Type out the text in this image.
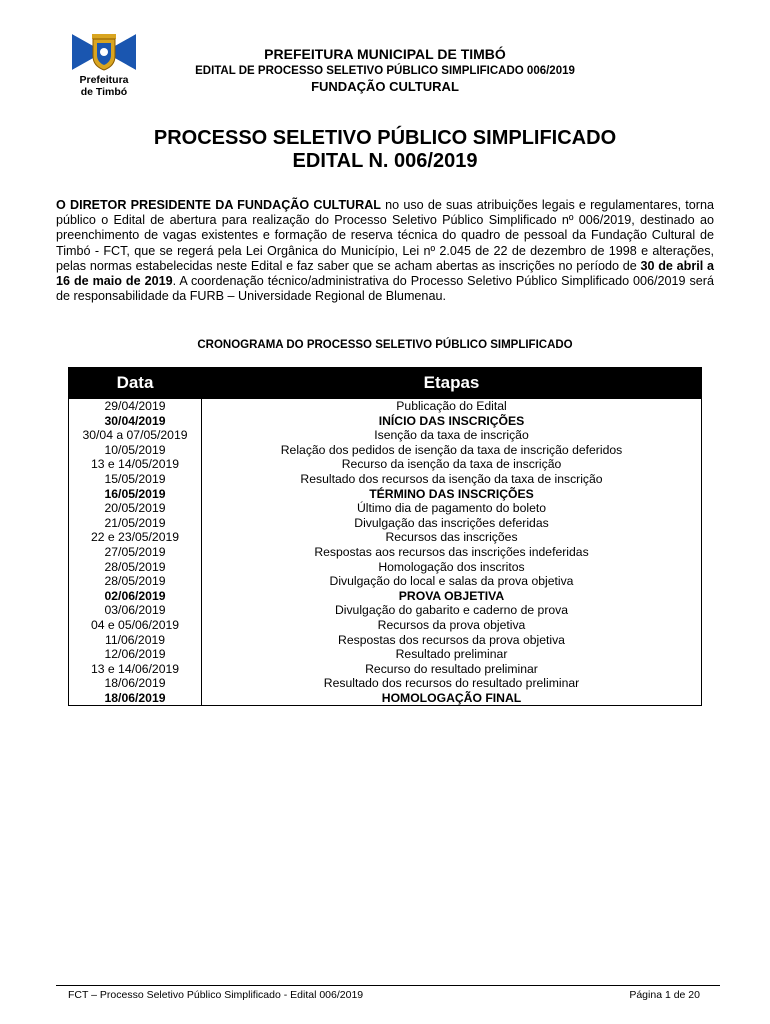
Prefeitura
de Timbó
PREFEITURA MUNICIPAL DE TIMBÓ
EDITAL DE PROCESSO SELETIVO PÚBLICO SIMPLIFICADO 006/2019
FUNDAÇÃO CULTURAL
PROCESSO SELETIVO PÚBLICO SIMPLIFICADO
EDITAL N. 006/2019

O DIRETOR PRESIDENTE DA FUNDAÇÃO CULTURAL no uso de suas atribuições legais e regulamentares, torna público o Edital de abertura para realização do Processo Seletivo Público Simplificado nº 006/2019, destinado ao preenchimento de vagas existentes e formação de reserva técnica do quadro de pessoal da Fundação Cultural de Timbó - FCT, que se regerá pela Lei Orgânica do Município, Lei nº 2.045 de 22 de dezembro de 1998 e alterações, pelas normas estabelecidas neste Edital e faz saber que se acham abertas as inscrições no período de 30 de abril a 16 de maio de 2019. A coordenação técnico/administrativa do Processo Seletivo Público Simplificado 006/2019 será de responsabilidade da FURB – Universidade Regional de Blumenau.

CRONOGRAMA DO PROCESSO SELETIVO PÚBLICO SIMPLIFICADO
Data	Etapas
29/04/2019	Publicação do Edital
30/04/2019	INÍCIO DAS INSCRIÇÕES
30/04 a 07/05/2019	Isenção da taxa de inscrição
10/05/2019	Relação dos pedidos de isenção da taxa de inscrição deferidos
13 e 14/05/2019	Recurso da isenção da taxa de inscrição
15/05/2019	Resultado dos recursos da isenção da taxa de inscrição
16/05/2019	TÉRMINO DAS INSCRIÇÕES
20/05/2019	Último dia de pagamento do boleto
21/05/2019	Divulgação das inscrições deferidas
22 e 23/05/2019	Recursos das inscrições
27/05/2019	Respostas aos recursos das inscrições indeferidas
28/05/2019	Homologação dos inscritos
28/05/2019	Divulgação do local e salas da prova objetiva
02/06/2019	PROVA OBJETIVA
03/06/2019	Divulgação do gabarito e caderno de prova
04 e 05/06/2019	Recursos da prova objetiva
11/06/2019	Respostas dos recursos da prova objetiva
12/06/2019	Resultado preliminar
13 e 14/06/2019	Recurso do resultado preliminar
18/06/2019	Resultado dos recursos do resultado preliminar
18/06/2019	HOMOLOGAÇÃO FINAL
FCT – Processo Seletivo Público Simplificado - Edital 006/2019	Página 1 de 20
